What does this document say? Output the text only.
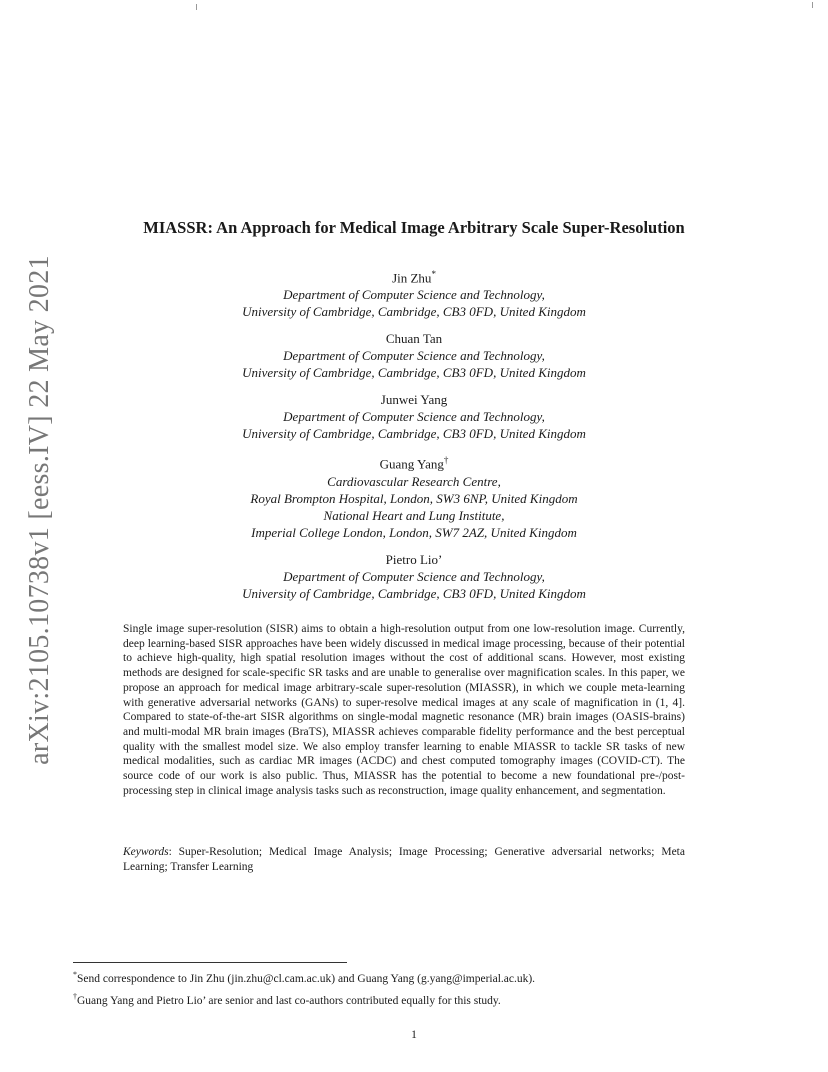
arXiv:2105.10738v1 [eess.IV] 22 May 2021
MIASSR: An Approach for Medical Image Arbitrary Scale Super-Resolution
Jin Zhu*
Department of Computer Science and Technology,
University of Cambridge, Cambridge, CB3 0FD, United Kingdom
Chuan Tan
Department of Computer Science and Technology,
University of Cambridge, Cambridge, CB3 0FD, United Kingdom
Junwei Yang
Department of Computer Science and Technology,
University of Cambridge, Cambridge, CB3 0FD, United Kingdom
Guang Yang†
Cardiovascular Research Centre,
Royal Brompton Hospital, London, SW3 6NP, United Kingdom
National Heart and Lung Institute,
Imperial College London, London, SW7 2AZ, United Kingdom
Pietro Lio’
Department of Computer Science and Technology,
University of Cambridge, Cambridge, CB3 0FD, United Kingdom

Single image super-resolution (SISR) aims to obtain a high-resolution output from one low-resolution image. Currently, deep learning-based SISR approaches have been widely discussed in medical image processing, because of their potential to achieve high-quality, high spatial resolution images without the cost of additional scans. However, most existing methods are designed for scale-specific SR tasks and are unable to generalise over magnification scales. In this paper, we propose an approach for medical image arbitrary-scale super-resolution (MIASSR), in which we couple meta-learning with generative adversarial networks (GANs) to super-resolve medical images at any scale of magnification in (1, 4]. Compared to state-of-the-art SISR algorithms on single-modal magnetic resonance (MR) brain images (OASIS-brains) and multi-modal MR brain images (BraTS), MIASSR achieves comparable fidelity performance and the best perceptual quality with the smallest model size. We also employ transfer learning to enable MIASSR to tackle SR tasks of new medical modalities, such as cardiac MR images (ACDC) and chest computed tomography images (COVID-CT). The source code of our work is also public. Thus, MIASSR has the potential to become a new foundational pre-/post-processing step in clinical image analysis tasks such as reconstruction, image quality enhancement, and segmentation.

Keywords: Super-Resolution; Medical Image Analysis; Image Processing; Generative adversarial networks; Meta Learning; Transfer Learning

*Send correspondence to Jin Zhu (jin.zhu@cl.cam.ac.uk) and Guang Yang (g.yang@imperial.ac.uk).
†Guang Yang and Pietro Lio’ are senior and last co-authors contributed equally for this study.
1
